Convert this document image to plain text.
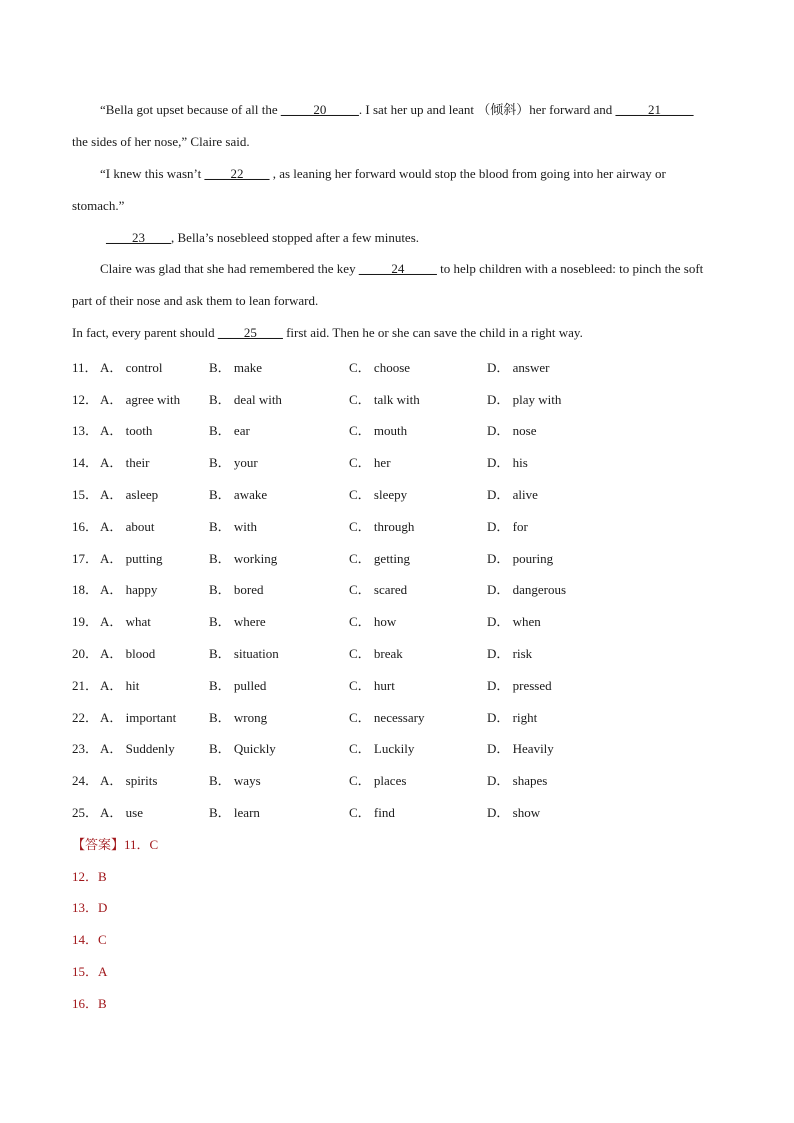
“Bella got upset because of all the _____20_____. I sat her up and leant （倾斜）her forward and _____21_____ the sides of her nose,” Claire said.

“I knew this wasn’t ____22____ , as leaning her forward would stop the blood from going into her airway or stomach.”

____23____, Bella’s nosebleed stopped after a few minutes.

Claire was glad that she had remembered the key _____24_____ to help children with a nosebleed: to pinch the soft part of their nose and ask them to lean forward.

In fact, every parent should ____25____ first aid. Then he or she can save the child in a right way.

11． A． control	B． make	C． choose	D． answer
12． A． agree with B． deal with	C． talk with	D． play with
13． A． tooth	B． ear	C． mouth	D． nose
14． A． their	B． your	C． her	D． his
15． A． asleep	B． awake	C． sleepy	D． alive
16． A． about	B． with	C． through	D． for
17． A． putting	B． working	C． getting	D． pouring
18． A． happy	B． bored	C． scared	D． dangerous
19． A． what	B． where	C． how	D． when
20． A． blood	B． situation	C． break	D． risk
21． A． hit	B． pulled	C． hurt	D． pressed
22． A． important	B． wrong	C． necessary	D． right
23． A． Suddenly	B． Quickly	C． Luckily	D． Heavily
24． A． spirits	B． ways	C． places	D． shapes
25． A． use	B． learn	C． find	D． show
【答案】11．C
12．B
13．D
14．C
15．A
16．B
